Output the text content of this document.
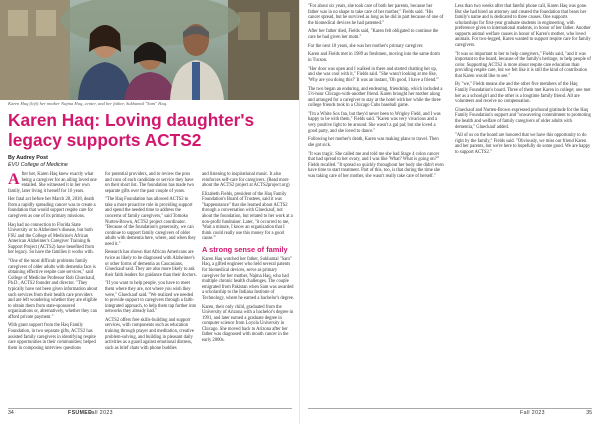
Karen Haq (left) her mother Najma Haq, center, and her father, Sukhamal "Sam" Haq.
Karen Haq: Loving daughter's legacy supports ACTS2
By Audrey Post
EVU College of Medicine

After her, Karen Haq knew exactly what being a caregiver for an ailing loved one entailed. She witnessed it in her own family, later living it herself for 16 years.

Her fatal act before her March 28, 2018, death from a rapidly spreading cancer was to create a foundation that would support respite care for caregivers as one of its primary missions.

Haq had no connection to Florida State University or to Alzheimer's disease, but both FSU and the College of Medicine's African American Alzheimer's Caregiver Training & Support Project (ACTS2) have benefited from her legacy. So have the families it works with.

"One of the most difficult problems family caregivers of older adults with dementia face is obtaining effective respite care services," said College of Medicine Professor Rob Glueckauf, Ph.D., ACTS2 founder and director. "They typically have not been given information about such services from their health care providers and are left wondering whether they are eligible to obtain them from state-sponsored organizations or, alternatively, whether they can afford private payment."

With grant support from the Haq Family Foundation, in two separate gifts, ACTS2 has assisted family caregivers in identifying respite care opportunities in their communities; helped them in composing interview questions

for potential providers, and to review the pros and cons of each candidate or service they have on their short list. The foundation has made two separate gifts over the past couple of years.

"The Haq Foundation has allowed ACTS2 to take a more proactive role in providing support and spend the needed time to address the concerns of family caregivers," said Tomoko Nurten-Brown, ACTS2 project coordinator. "Because of the foundation's generosity, we can continue to support family caregivers of older adults with dementia here, where, and when they need it."

Research has shown that African Americans are twice as likely to be diagnosed with Alzheimer's or other forms of dementia as Caucasians, Glueckauf said. They are also more likely to ask their faith leaders for guidance than their doctors.

"If you want to help people, you have to meet them where they are, not where you wish they were," Glueckauf said. "We realized we needed to provide support to caregivers through a faith-integrated approach, to help them tap further into networks they already had."

ACTS2 offers free skills-building and support services, with components such as education training through prayer and meditation, creative problem-solving, and building in pleasant daily activities as a guard against emotional distress, such as brief chats with phone buddies

and listening to inspirational music. It also reinforces self-care for caregivers. (Read more about the ACTS2 project at ACTS2project.org)

Elizabeth Fields, president of the Haq Family Foundation's Board of Trustees, said it was "happenstance" that she learned about ACTS2 through a conversation with Glueckauf, not about the foundation, but related to her work at a non-profit fundraiser. Later, "it occurred to me, 'Wait a minute, I know an organization that I think could really use this money for a good cause.'"

A strong sense of family

Karen Haq watched her father, Sukhamal "Sam" Haq, a gifted engineer who held several patents for biomedical devices, serve as primary caregiver for her mother, Najma Haq, who had multiple chronic health challenges. The couple emigrated from Pakistan when Sam was awarded a scholarship to the Indiana Institute of Technology, where he earned a bachelor's degree.

Karen, their only child, graduated from the University of Arizona with a bachelor's degree in 1991, and later earned a graduate degree in computer science from Loyola University in Chicago. She moved back to Arizona after her father was diagnosed with mouth cancer in the early 2000s.

34	FSUMED
Fall 2023

"For about six years, she took care of both her parents, because her father was in no shape to take care of her mother," Fields said. "His cancer spread, but he survived as long as he did in part because of one of the biomedical devices he had patented."

After her father died, Fields said, "Karen felt obligated to continue the care he had given her mom."

For the next 10 years, she was her mother's primary caregiver.

Karen and Fields met in 1989 as freshmen, moving into the same dorm in Tucson.

"Her door was open and I walked in there and started chatting her up, and she was cool with it," Fields said. "She wasn't looking at me like, 'Why are you doing this?' It was an instant, 'Oh good, I have a friend.'"

The two began an enduring, and endearing, friendship, which included a 5½-hour Chicago-with-another friend. Karen brought her mother along and arranged for a caregiver to stay at the hotel with her while the three college friends took in a Chicago Cubs baseball game.

"I'm a White Sox fan, but they'd never been to Wrigley Field, and I was happy to be with them," Fields said. "Karen was very vivacious and a very positive light to be around. She wasn't a gal pal; but she loved a good party, and she loved to dance."

Following her mother's death, Karen was making plans to travel. Then she got sick.

"It was tragic. She called me and told me she had Stage 4 colon cancer that had spread to her ovary, and I was like 'What? What is going on?'" Fields recalled. "It spread so quickly throughout her body she didn't even have time to start treatment. Part of this, too, is that during the time she was taking care of her mother, she wasn't really take care of herself."

Less than two weeks after that fateful phone call, Karen Haq was gone. But she had hired an attorney and created the foundation that bears her family's name and is dedicated to three causes. One supports scholarships for first-year graduate students in engineering, with preference given to international students, in honor of her father. Another supports animal welfare causes in honor of Karen's mother, who loved animals. For two-legged, Karen wanted to support respite care for family caregivers.

"It was so important to her to help caregivers," Fields said, "and it was important to the board, because of the family's heritage, to help people of color. Supporting ACTS2 is more about respite care education than providing respite care, but we felt like it is still the kind of contribution that Karen would like to see."

By "we," Fields means she and the other five members of the Haq Family Foundation's board. Three of them met Karen in college; one met her as a schoolgirl and the other is a longtime family friend. All are volunteers and receive no compensation.

Glueckauf and Nurten-Brown expressed profound gratitude for the Haq Family Foundation's support and "unwavering commitment to promoting the health and welfare of family caregivers of older adults with dementia," Glueckauf added.

"All of us on the board are honored that we have this opportunity to do right by the family," Fields said. "Obviously, we miss our friend Karen and her parents, but we're here to hopefully do some good. We are happy to support ACTS2."

Fall 2023	35
